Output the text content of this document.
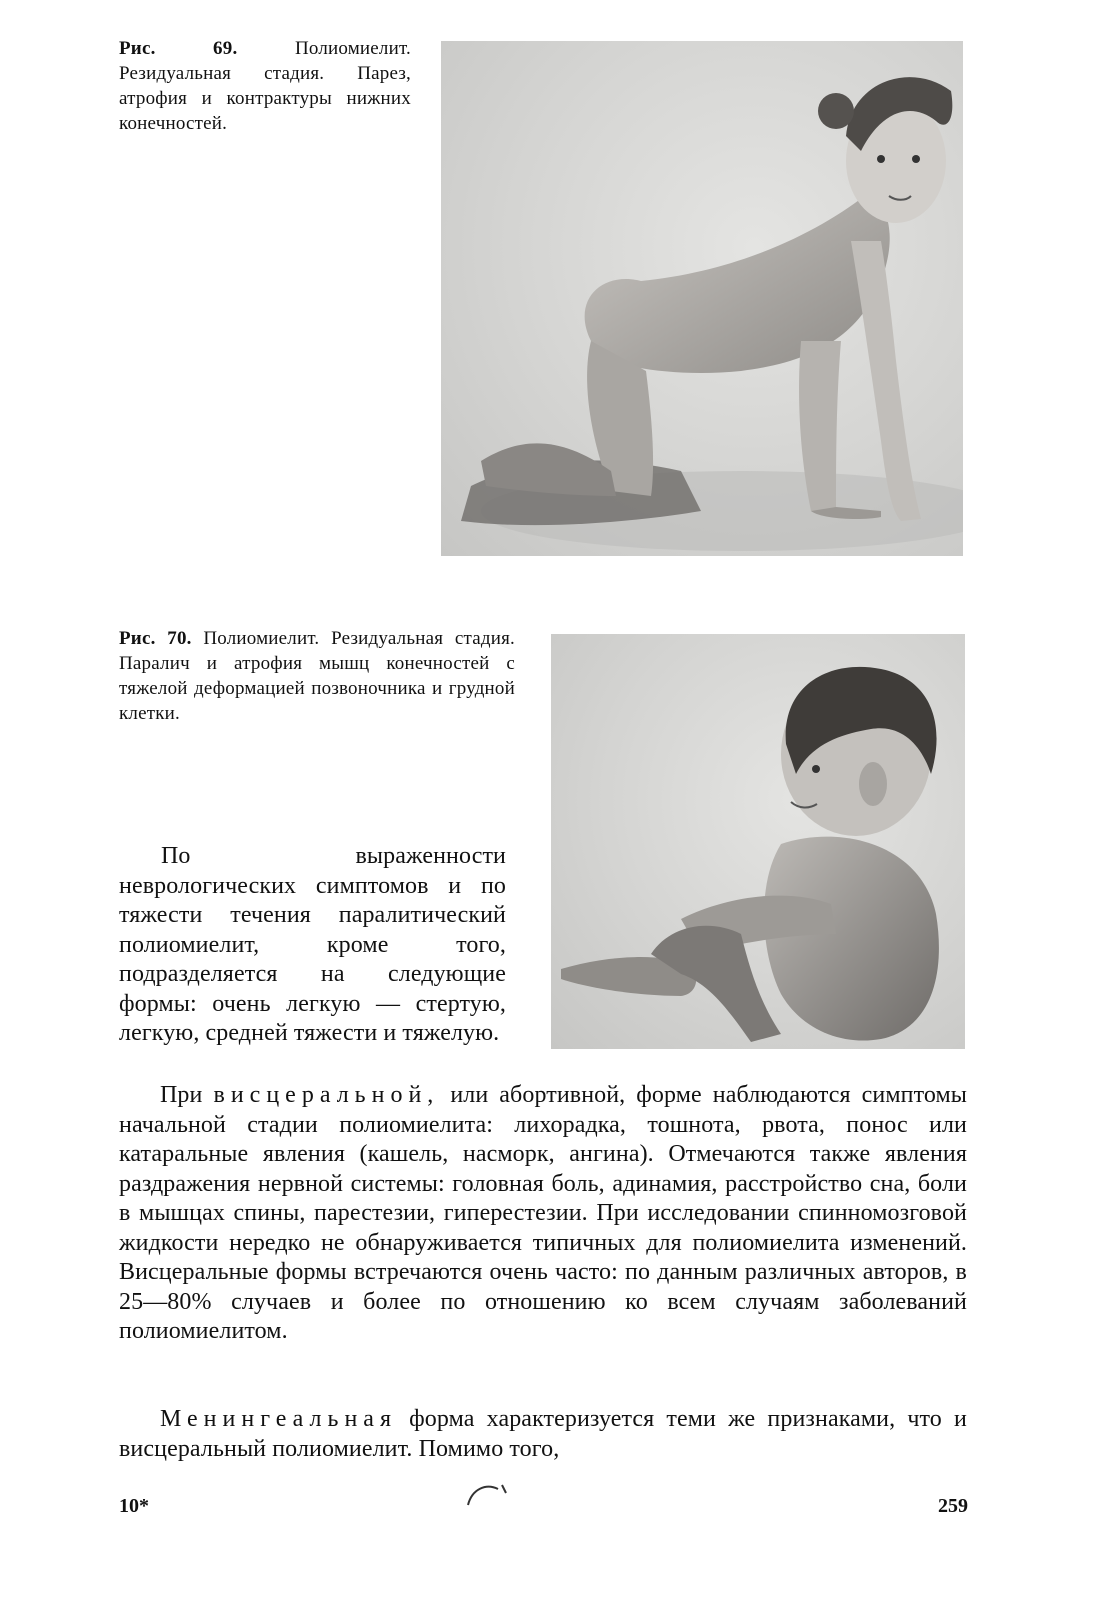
Рис. 69.	Полиомиелит. Резидуальная стадия. Парез, атрофия и контрактуры нижних конечностей.
Рис. 70. Полиомиелит. Резидуальная стадия. Паралич и атрофия мышц конечностей с тяжелой деформацией позвоночника и грудной клетки.
По выраженности неврологических симптомов и по тяжести течения паралитический полиомиелит, кроме того, подразделяется на следующие формы: очень легкую — стертую, легкую, средней тяжести и тяжелую.
При висцеральной, или абортивной, форме наблюдаются симптомы начальной стадии полиомиелита: лихорадка, тошнота, рвота, понос или катаральные явления (кашель, насморк, ангина). Отмечаются также явления раздражения нервной системы: головная боль, адинамия, расстройство сна, боли в мышцах спины, парестезии, гиперестезии. При исследовании спинномозговой жидкости нередко не обнаруживается типичных для полиомиелита изменений. Висцеральные формы встречаются очень часто: по данным различных авторов, в 25—80% случаев и более по отношению ко всем случаям заболеваний полиомиелитом.
Менингеальная форма характеризуется теми же признаками, что и висцеральный полиомиелит. Помимо того,
10*	259
